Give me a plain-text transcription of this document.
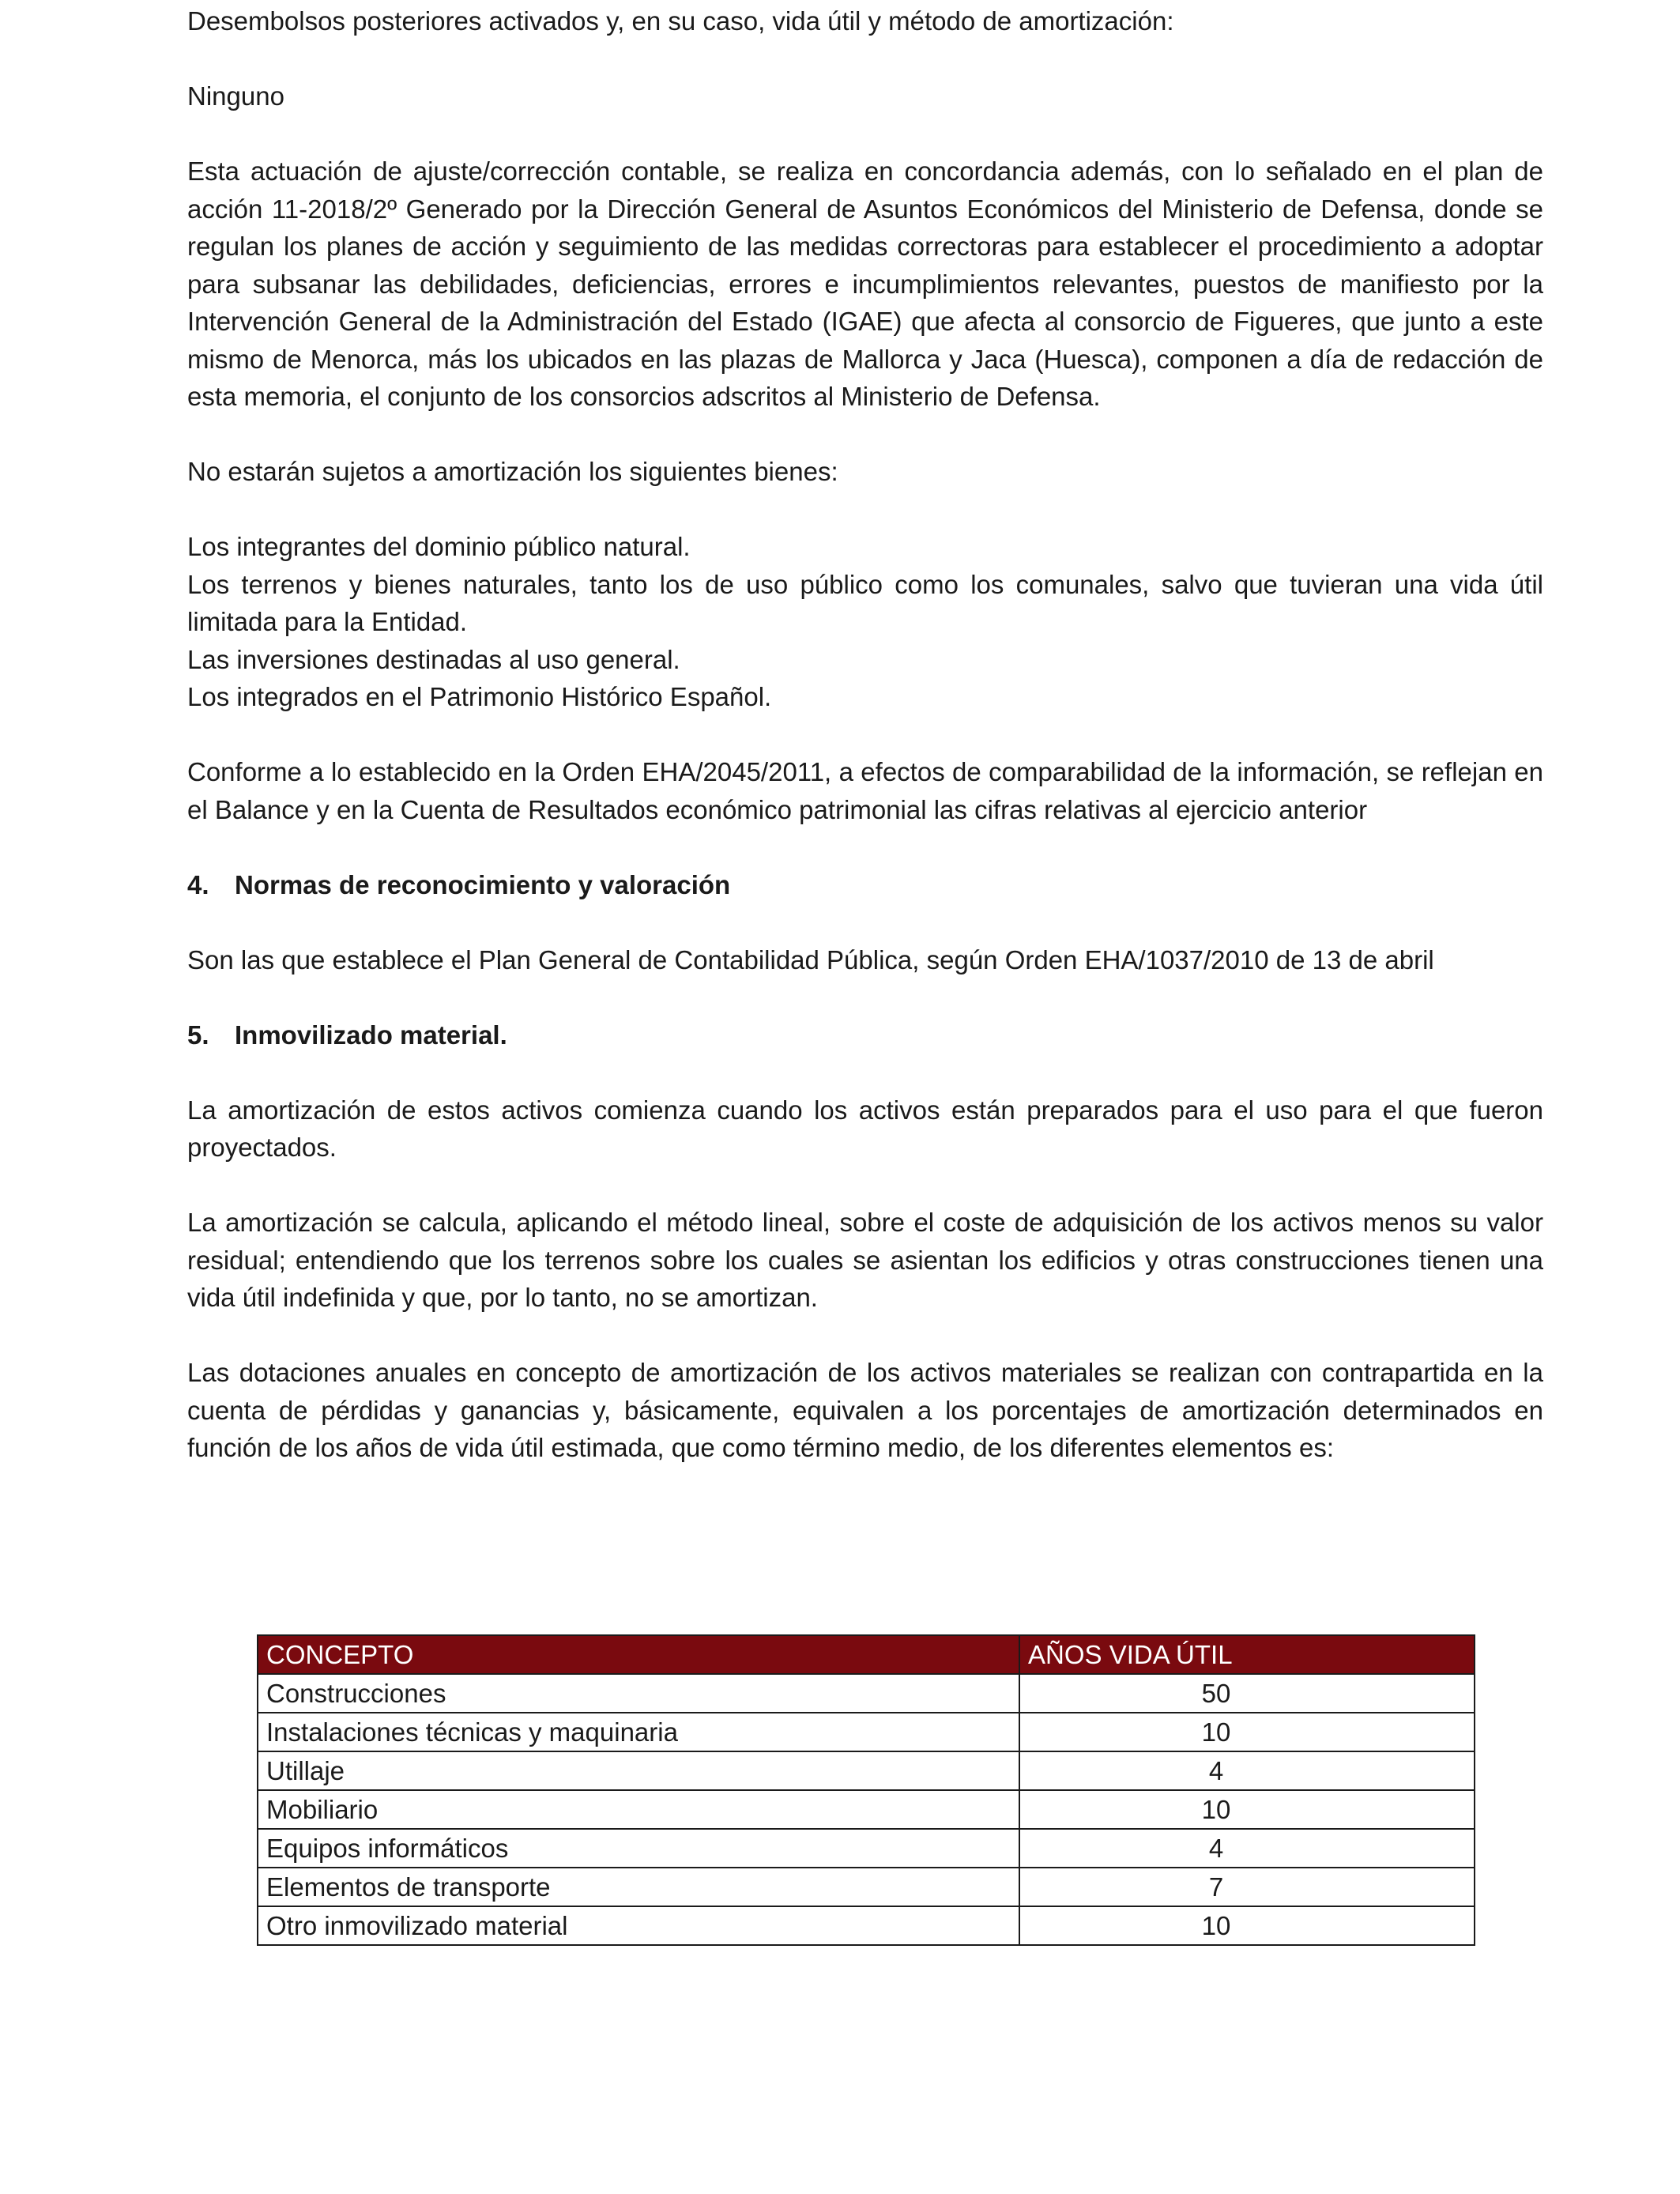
Desembolsos posteriores activados y, en su caso, vida útil y método de amortización:

Ninguno

Esta actuación de ajuste/corrección contable, se realiza en concordancia además, con lo señalado en el plan de acción 11-2018/2º Generado por la Dirección General de Asuntos Económicos del Ministerio de Defensa, donde se regulan los planes de acción y seguimiento de las medidas correctoras para establecer el procedimiento a adoptar para subsanar las debilidades, deficiencias, errores e incumplimientos relevantes, puestos de manifiesto por la Intervención General de la Administración del Estado (IGAE) que afecta al consorcio de Figueres, que junto a este mismo de Menorca, más los ubicados en las plazas de Mallorca y Jaca (Huesca), componen a día de redacción de esta memoria, el conjunto de los consorcios adscritos al Ministerio de Defensa.

No estarán sujetos a amortización los siguientes bienes:

Los integrantes del dominio público natural.

Los terrenos y bienes naturales, tanto los de uso público como los comunales, salvo que tuvieran una vida útil limitada para la Entidad.

Las inversiones destinadas al uso general.

Los integrados en el Patrimonio Histórico Español.

Conforme a lo establecido en la Orden EHA/2045/2011, a efectos de comparabilidad de la información, se reflejan en el Balance y en la Cuenta de Resultados económico patrimonial las cifras relativas al ejercicio anterior

4. Normas de reconocimiento y valoración

Son las que establece el Plan General de Contabilidad Pública, según Orden EHA/1037/2010 de 13 de abril

5. Inmovilizado material.

La amortización de estos activos comienza cuando los activos están preparados para el uso para el que fueron proyectados.

La amortización se calcula, aplicando el método lineal, sobre el coste de adquisición de los activos menos su valor residual; entendiendo que los terrenos sobre los cuales se asientan los edificios y otras construcciones tienen una vida útil indefinida y que, por lo tanto, no se amortizan.

Las dotaciones anuales en concepto de amortización de los activos materiales se realizan con contrapartida en la cuenta de pérdidas y ganancias y, básicamente, equivalen a los porcentajes de amortización determinados en función de los años de vida útil estimada, que como término medio, de los diferentes elementos es:

CONCEPTO	AÑOS VIDA ÚTIL
Construcciones	50
Instalaciones técnicas y maquinaria	10
Utillaje	4
Mobiliario	10
Equipos informáticos	4
Elementos de transporte	7
Otro inmovilizado material	10
